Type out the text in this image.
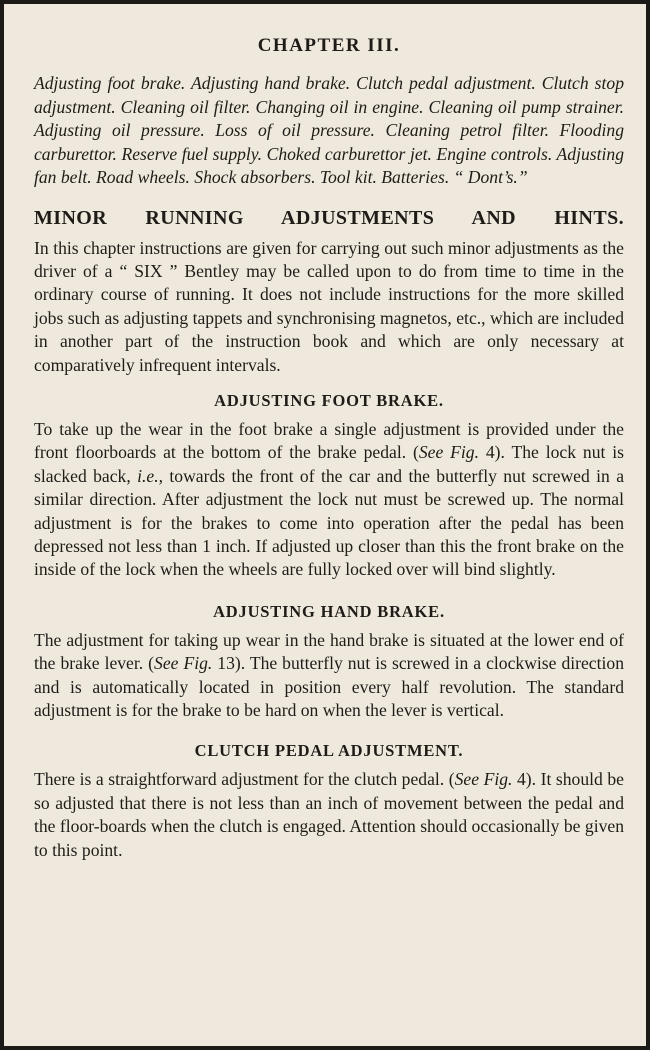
CHAPTER III.

Adjusting foot brake. Adjusting hand brake. Clutch pedal adjustment. Clutch stop adjustment. Cleaning oil filter. Changing oil in engine. Cleaning oil pump strainer. Adjusting oil pressure. Loss of oil pressure. Cleaning petrol filter. Flooding carburettor. Reserve fuel supply. Choked carburettor jet. Engine controls. Adjusting fan belt. Road wheels. Shock absorbers. Tool kit. Batteries. “ Dont’s.”

MINOR RUNNING ADJUSTMENTS AND HINTS.

In this chapter instructions are given for carrying out such minor adjustments as the driver of a “ SIX ” Bentley may be called upon to do from time to time in the ordinary course of running. It does not include instructions for the more skilled jobs such as adjusting tappets and synchronising magnetos, etc., which are included in another part of the instruction book and which are only necessary at comparatively infrequent intervals.

ADJUSTING FOOT BRAKE.

To take up the wear in the foot brake a single adjustment is provided under the front floorboards at the bottom of the brake pedal. (See Fig. 4). The lock nut is slacked back, i.e., towards the front of the car and the butterfly nut screwed in a similar direction. After adjustment the lock nut must be screwed up. The normal adjustment is for the brakes to come into operation after the pedal has been depressed not less than 1 inch. If adjusted up closer than this the front brake on the inside of the lock when the wheels are fully locked over will bind slightly.

ADJUSTING HAND BRAKE.

The adjustment for taking up wear in the hand brake is situated at the lower end of the brake lever. (See Fig. 13). The butterfly nut is screwed in a clockwise direction and is automatically located in position every half revolution. The standard adjustment is for the brake to be hard on when the lever is vertical.

CLUTCH PEDAL ADJUSTMENT.

There is a straightforward adjustment for the clutch pedal. (See Fig. 4). It should be so adjusted that there is not less than an inch of movement between the pedal and the floor-boards when the clutch is engaged. Attention should occasionally be given to this point.
